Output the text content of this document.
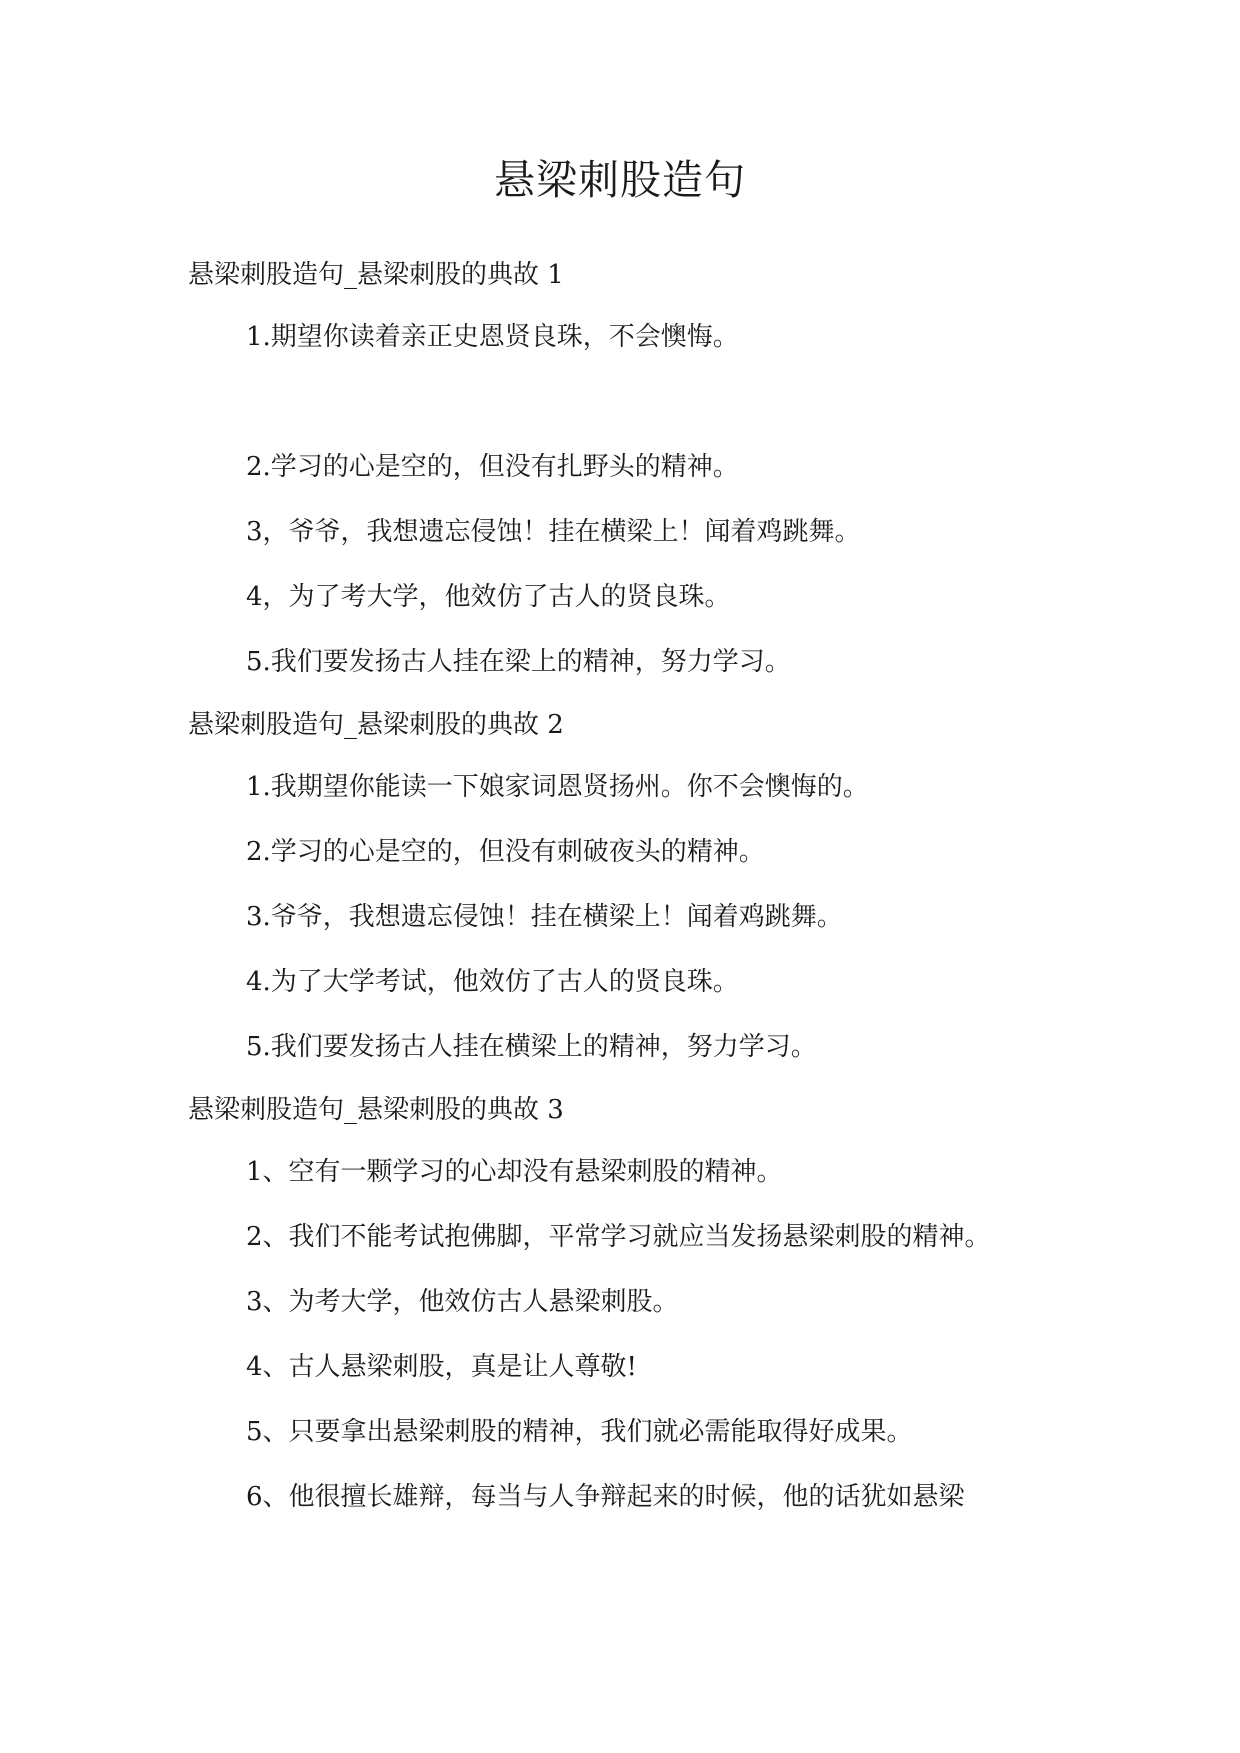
悬梁刺股造句
悬梁刺股造句_悬梁刺股的典故 1

1.期望你读着亲正史恩贤良珠，不会懊悔。

2.学习的心是空的，但没有扎野头的精神。

3，爷爷，我想遗忘侵蚀！挂在横梁上！闻着鸡跳舞。

4，为了考大学，他效仿了古人的贤良珠。

5.我们要发扬古人挂在梁上的精神，努力学习。

悬梁刺股造句_悬梁刺股的典故 2

1.我期望你能读一下娘家词恩贤扬州。你不会懊悔的。

2.学习的心是空的，但没有刺破夜头的精神。

3.爷爷，我想遗忘侵蚀！挂在横梁上！闻着鸡跳舞。

4.为了大学考试，他效仿了古人的贤良珠。

5.我们要发扬古人挂在横梁上的精神，努力学习。

悬梁刺股造句_悬梁刺股的典故 3

1、空有一颗学习的心却没有悬梁刺股的精神。

2、我们不能考试抱佛脚，平常学习就应当发扬悬梁刺股的精神。

3、为考大学，他效仿古人悬梁刺股。

4、古人悬梁刺股，真是让人尊敬!

5、只要拿出悬梁刺股的精神，我们就必需能取得好成果。

6、他很擅长雄辩，每当与人争辩起来的时候，他的话犹如悬梁
